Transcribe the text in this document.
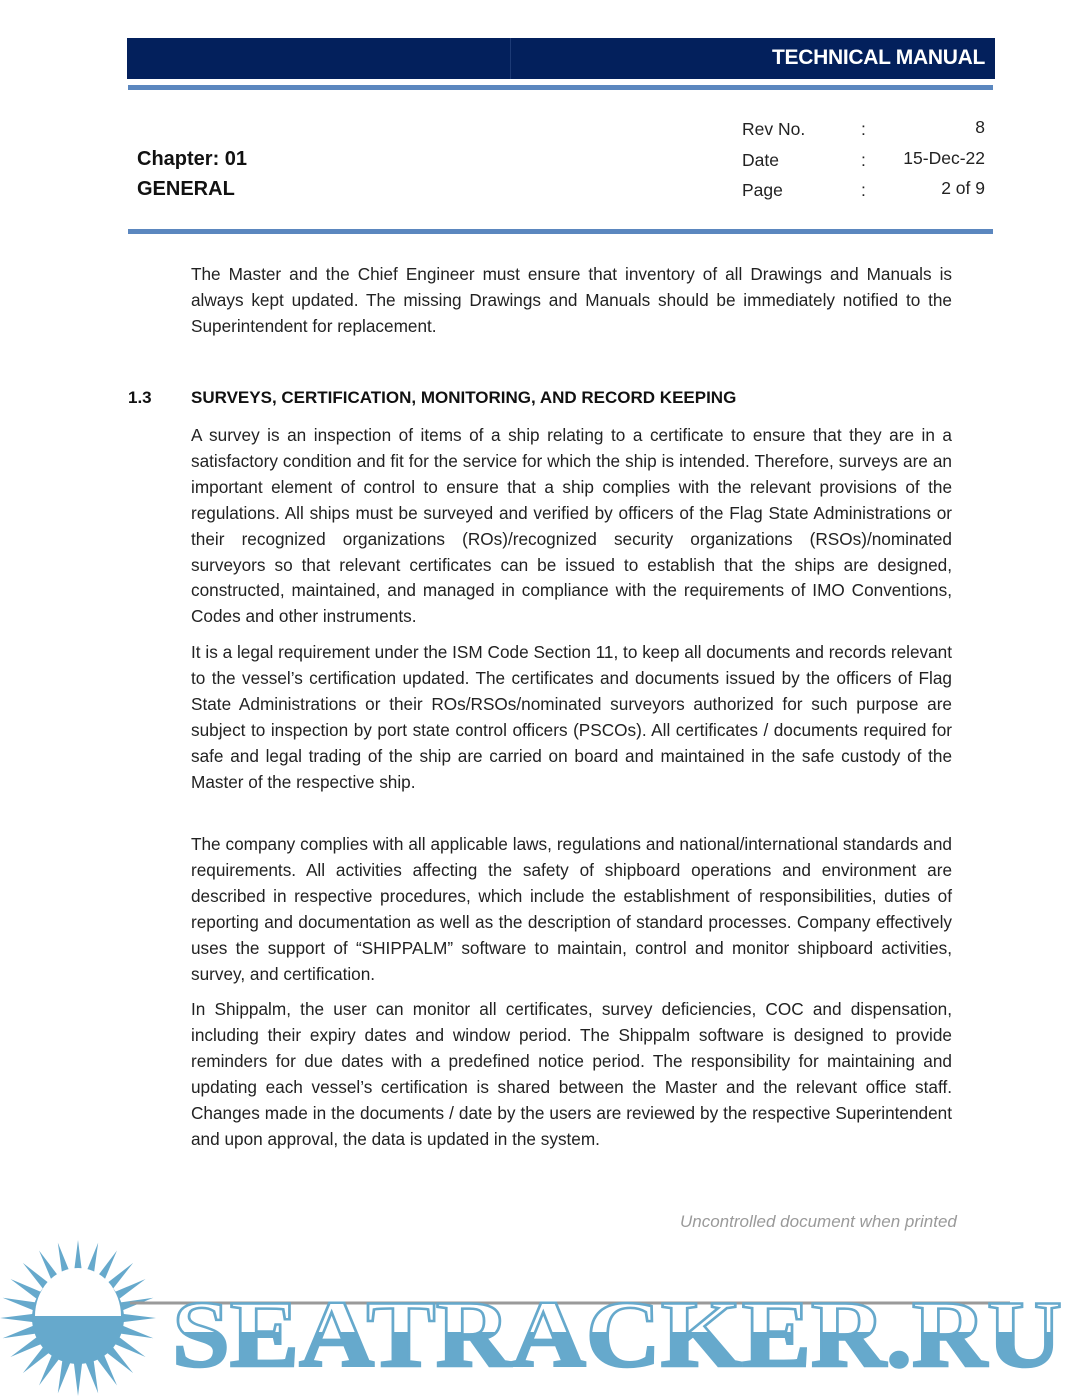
TECHNICAL MANUAL
Chapter: 01
GENERAL
Rev No.	:	8
Date	: 15-Dec-22
Page	:	2 of 9

The Master and the Chief Engineer must ensure that inventory of all Drawings and Manuals is always kept updated. The missing Drawings and Manuals should be immediately notified to the Superintendent for replacement.

1.3 SURVEYS, CERTIFICATION, MONITORING, AND RECORD KEEPING

A survey is an inspection of items of a ship relating to a certificate to ensure that they are in a satisfactory condition and fit for the service for which the ship is intended. Therefore, surveys are an important element of control to ensure that a ship complies with the relevant provisions of the regulations. All ships must be surveyed and verified by officers of the Flag State Administrations or their recognized organizations (ROs)/recognized security organizations (RSOs)/nominated surveyors so that relevant certificates can be issued to establish that the ships are designed, constructed, maintained, and managed in compliance with the requirements of IMO Conventions, Codes and other instruments.

It is a legal requirement under the ISM Code Section 11, to keep all documents and records relevant to the vessel’s certification updated. The certificates and documents issued by the officers of Flag State Administrations or their ROs/RSOs/nominated surveyors authorized for such purpose are subject to inspection by port state control officers (PSCOs). All certificates / documents required for safe and legal trading of the ship are carried on board and maintained in the safe custody of the Master of the respective ship.

The company complies with all applicable laws, regulations and national/international standards and requirements. All activities affecting the safety of shipboard operations and environment are described in respective procedures, which include the establishment of responsibilities, duties of reporting and documentation as well as the description of standard processes. Company effectively uses the support of “SHIPPALM” software to maintain, control and monitor shipboard activities, survey, and certification.

In Shippalm, the user can monitor all certificates, survey deficiencies, COC and dispensation, including their expiry dates and window period. The Shippalm software is designed to provide reminders for due dates with a predefined notice period. The responsibility for maintaining and updating each vessel’s certification is shared between the Master and the relevant office staff. Changes made in the documents / date by the users are reviewed by the respective Superintendent and upon approval, the data is updated in the system.

Uncontrolled document when printed
SEATRACKER.RU
